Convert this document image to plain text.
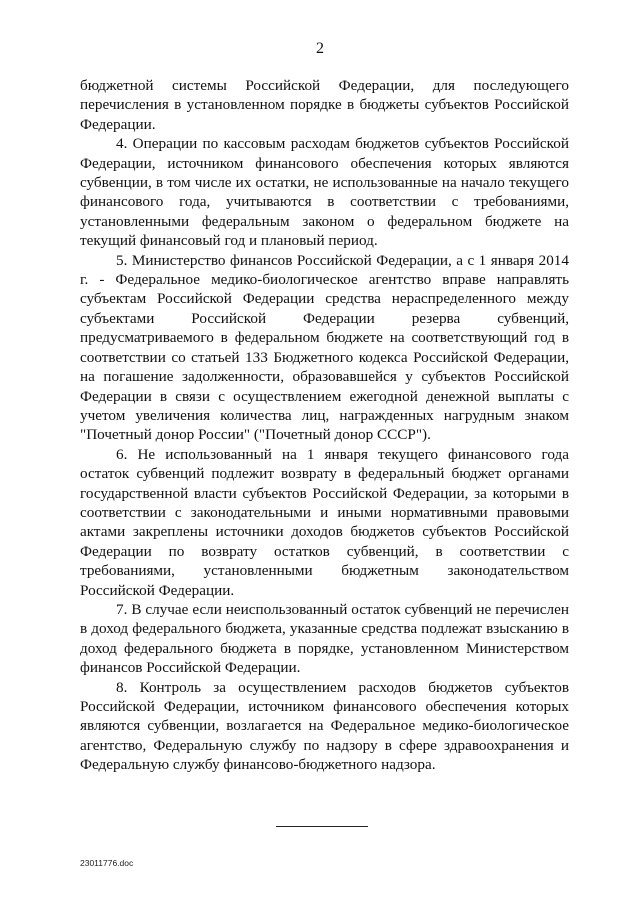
2

бюджетной системы Российской Федерации, для последующего перечисления в установленном порядке в бюджеты субъектов Российской Федерации.

4. Операции по кассовым расходам бюджетов субъектов Российской Федерации, источником финансового обеспечения которых являются субвенции, в том числе их остатки, не использованные на начало текущего финансового года, учитываются в соответствии с требованиями, установленными федеральным законом о федеральном бюджете на текущий финансовый год и плановый период.

5. Министерство финансов Российской Федерации, а с 1 января 2014 г. - Федеральное медико-биологическое агентство вправе направлять субъектам Российской Федерации средства нераспределенного между субъектами Российской Федерации резерва субвенций, предусматриваемого в федеральном бюджете на соответствующий год в соответствии со статьей 133 Бюджетного кодекса Российской Федерации, на погашение задолженности, образовавшейся у субъектов Российской Федерации в связи с осуществлением ежегодной денежной выплаты с учетом увеличения количества лиц, награжденных нагрудным знаком "Почетный донор России" ("Почетный донор СССР").

6. Не использованный на 1 января текущего финансового года остаток субвенций подлежит возврату в федеральный бюджет органами государственной власти субъектов Российской Федерации, за которыми в соответствии с законодательными и иными нормативными правовыми актами закреплены источники доходов бюджетов субъектов Российской Федерации по возврату остатков субвенций, в соответствии с требованиями, установленными бюджетным законодательством Российской Федерации.

7. В случае если неиспользованный остаток субвенций не перечислен в доход федерального бюджета, указанные средства подлежат взысканию в доход федерального бюджета в порядке, установленном Министерством финансов Российской Федерации.

8. Контроль за осуществлением расходов бюджетов субъектов Российской Федерации, источником финансового обеспечения которых являются субвенции, возлагается на Федеральное медико-биологическое агентство, Федеральную службу по надзору в сфере здравоохранения и Федеральную службу финансово-бюджетного надзора.

23011776.doc
